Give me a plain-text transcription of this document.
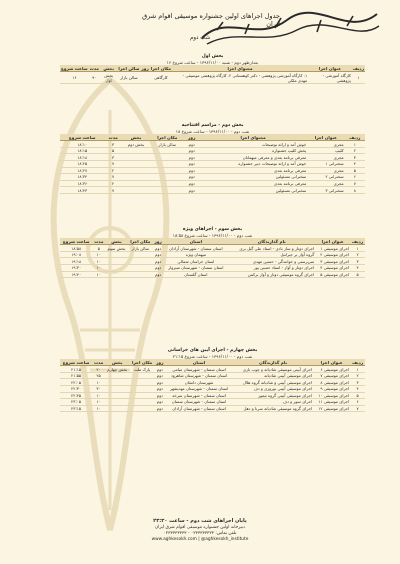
جدول اجراهای اولین جشنواره موسیقی اقوام شرق ایران
شب دوم
بخش اول
بعدازظهر دوم - شنبه ۱۳۹۶/۱۱/۰۰ - ساعت شروع ۱۶
ردیف	عنوان اجرا	محتوای اجرا	مکان اجرا	روز	سالن اجرا	بخش	مدت	ساعت شروع
۱	کارگاه آموزشی - پژوهشی	۱. کارگاه آموزشی پژوهشی - دکتر کوهستانی ۲. کارگاه پژوهشی موسیقی - مهدی ملکی	کارگاهی		سالن بازار	بخش اول	۹۰	۱۶
بخش دوم - مراسم افتتاحیه
شب دوم - ۱۳۹۶/۱۱/۰۰ - ساعت شروع ۱۸
ردیف	عنوان اجرا	محتوای اجرا	روز	مکان اجرا	بخش	مدت	ساعت شروع
۱	مجری	خوش آمد و ارائه توضیحات	دوم	سالن بازار	بخش دوم	۳	۱۸:۱۰
۲	کلیپ	پخش کلیپ جشنواره	دوم			۵	۱۸:۱۵
۳	مجری	معرفی برنامه بعدی و معرفی میهمانان	دوم			۳	۱۸:۱۸
۴	سخنرانی ۱	خوش آمد و ارائه توضیحات دبیر جشنواره	دوم			۷	۱۸:۲۵
۵	مجری	معرفی برنامه بعدی	دوم			۲	۱۸:۲۷
۶	سخنرانی ۲	سخنرانی مسئولین	دوم			۷	۱۸:۳۴
۷	مجری	معرفی برنامه بعدی	دوم			۲	۱۸:۳۶
۸	سخنرانی ۳	سخنرانی مسئولین	دوم			۷	۱۸:۴۳
بخش سوم - اجراهای ویژه
شب دوم - ۱۳۹۶/۱۱/۰۰ - ساعت شروع ۱۸:۵۸
ردیف	عنوان اجرا	نام گذارندگان	استان	روز	مکان اجرا	بخش	مدت	ساعت شروع
۱	اجرای موسیقی ۱	اجرای دوتار و ساز بادی - استاد علی گیل بری	استان سمنان - شهرستان آزادان	دوم	سالن بازار	بخش سوم	۵	۱۸:۵۸
۲	اجرای موسیقی ۲	گروه آواز بر جیرانیل	میهمان ویژه	دوم			۱۰	۱۹:۰۸
۳	اجرای موسیقی ۳	سرپرستی و خوانندگی - حسین مهدی	استان خراسان شمالی	دوم			۱۰	۱۹:۱۸
۴	اجرای موسیقی ۴	اجرای دوتار و آواز - استاد حسین پور	استان سمنان - شهرستان سبزوار	دوم			۱۰	۱۹:۳۰
۵	اجرای موسیقی ۵	اجرای گروه موسیقی دوتار و آواز ترکمن	استان گلستان	دوم			۱۰	۱۹:۴۰
بخش چهارم - اجرای آیین های خراسانی
شب دوم - ۱۳۹۶/۱۱/۰۰ - ساعت شروع ۲۱:۱۵
ردیف	عنوان اجرا	نام گذارندگان	استان	روز	مکان اجرا	بخش	مدت	ساعت شروع
۱	اجرای موسیقی ۶	اجرای آیینی موسیقی شادیانه و چوب بازی	استان سمنان - شهرستان میامی	دوم	پارک ملت	بخش چهارم	۲۰	۲۱:۱۵
۲	اجرای موسیقی ۷	اجرای موسیقی آیینی شادیانه	استان سمنان - شهرستان شاهرود	دوم			۲۵	۲۱:۵۵
۳	اجرای موسیقی ۸	اجرای موسیقی آیینی و شادیانه گروه هلال	شهرستان دامغان	دوم			۱۰	۲۲:۰۵
۴	اجرای موسیقی ۹	اجرای موسیقی آیینی نوروزی و دف	استان سمنان - شهرستان مهدیشهر	دوم			۳۰	۲۲:۳۰
۵	اجرای موسیقی ۱۰	اجرای موسیقی آیینی گروه تیمور	استان سمنان - شهرستان سرخه	دوم			۱۰	۲۲:۴۵
۶	اجرای موسیقی ۱۱	اجرای تنبور و دف	استان سمنان - شهرستان سمنان	دوم			۱۰	۲۳:۰۵
۷	اجرای موسیقی ۱۲	اجرای گروه موسیقی شادیانه سرنا و دهل	استان سمنان - شهرستان آرادان	دوم			۱۰	۲۳:۱۵
پایان اجراهای شب دوم - ساعت ۲۳:۳۰
دبیرخانه اولین جشنواره موسیقی اقوام شرق ایران
تلفن تماس: ۰۲۳۳۳۳۳۳۳۳ - ۰۲۳۳۳۳۳۳۳۳
www.aghkesokh.com | @aghkesokh_institute
